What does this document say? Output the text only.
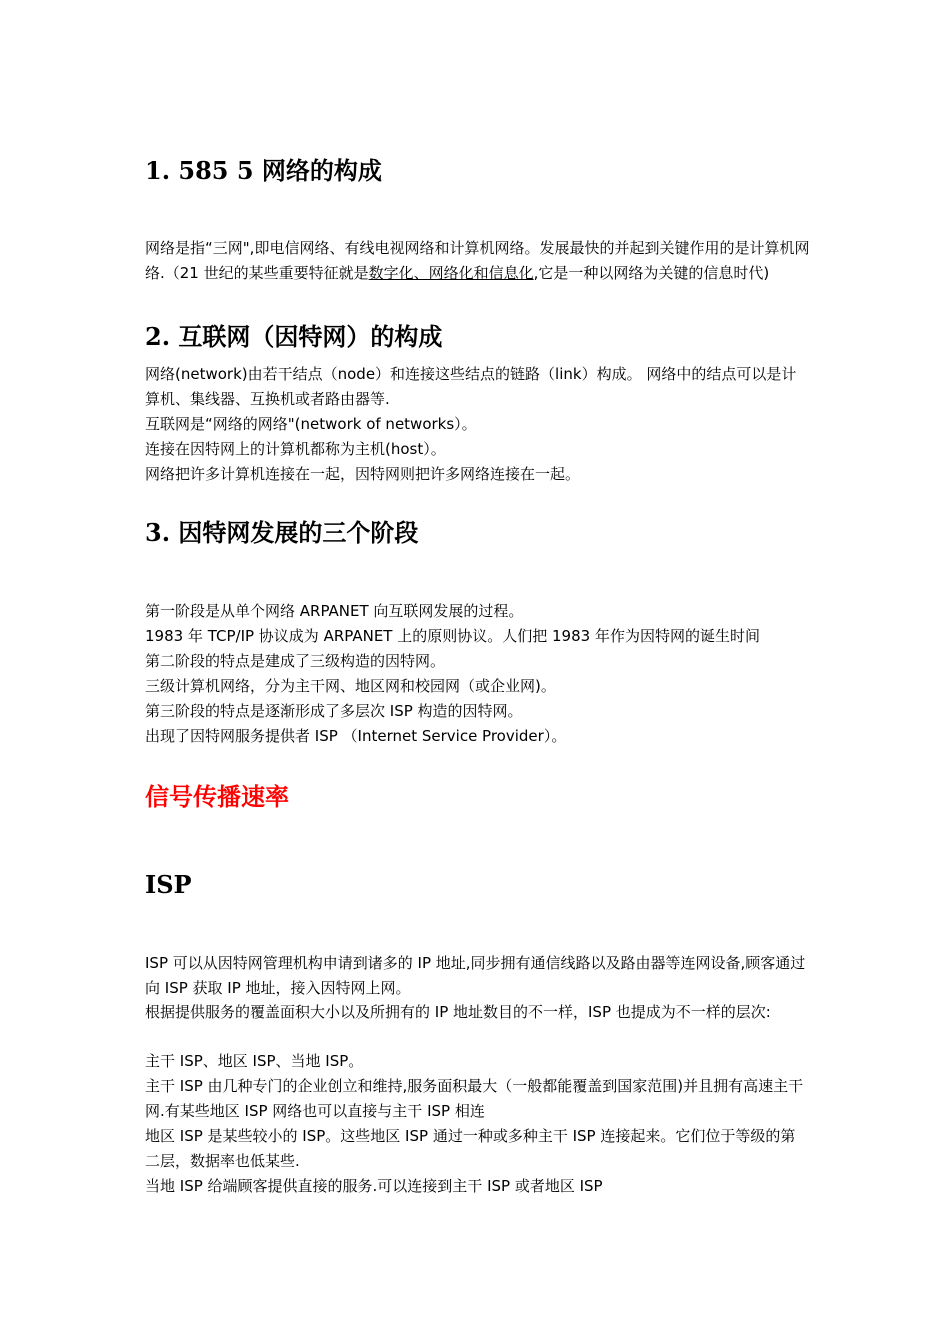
1. 585 5 网络的构成

网络是指“三网",即电信网络、有线电视网络和计算机网络。发展最快的并起到关键作用的是计算机网络.（21 世纪的某些重要特征就是数字化、网络化和信息化,它是一种以网络为关键的信息时代)

2. 互联网（因特网）的构成

网络(network)由若干结点（node）和连接这些结点的链路（link）构成。 网络中的结点可以是计算机、集线器、互换机或者路由器等.

互联网是“网络的网络"(network of networks）。

连接在因特网上的计算机都称为主机(host）。

网络把许多计算机连接在一起，因特网则把许多网络连接在一起。

3. 因特网发展的三个阶段

第一阶段是从单个网络 ARPANET 向互联网发展的过程。

1983 年 TCP/IP 协议成为 ARPANET 上的原则协议。人们把 1983 年作为因特网的诞生时间

第二阶段的特点是建成了三级构造的因特网。

三级计算机网络，分为主干网、地区网和校园网（或企业网)。

第三阶段的特点是逐渐形成了多层次 ISP 构造的因特网。

出现了因特网服务提供者 ISP （Internet Service Provider）。

信号传播速率
ISP

ISP 可以从因特网管理机构申请到诸多的 IP 地址,同步拥有通信线路以及路由器等连网设备,顾客通过向 ISP 获取 IP 地址，接入因特网上网。

根据提供服务的覆盖面积大小以及所拥有的 IP 地址数目的不一样，ISP 也提成为不一样的层次:

主干 ISP、地区 ISP、当地 ISP。

主干 ISP 由几种专门的企业创立和维持,服务面积最大（一般都能覆盖到国家范围)并且拥有高速主干网.有某些地区 ISP 网络也可以直接与主干 ISP 相连

地区 ISP 是某些较小的 ISP。这些地区 ISP 通过一种或多种主干 ISP 连接起来。它们位于等级的第二层，数据率也低某些.

当地 ISP 给端顾客提供直接的服务.可以连接到主干 ISP 或者地区 ISP
